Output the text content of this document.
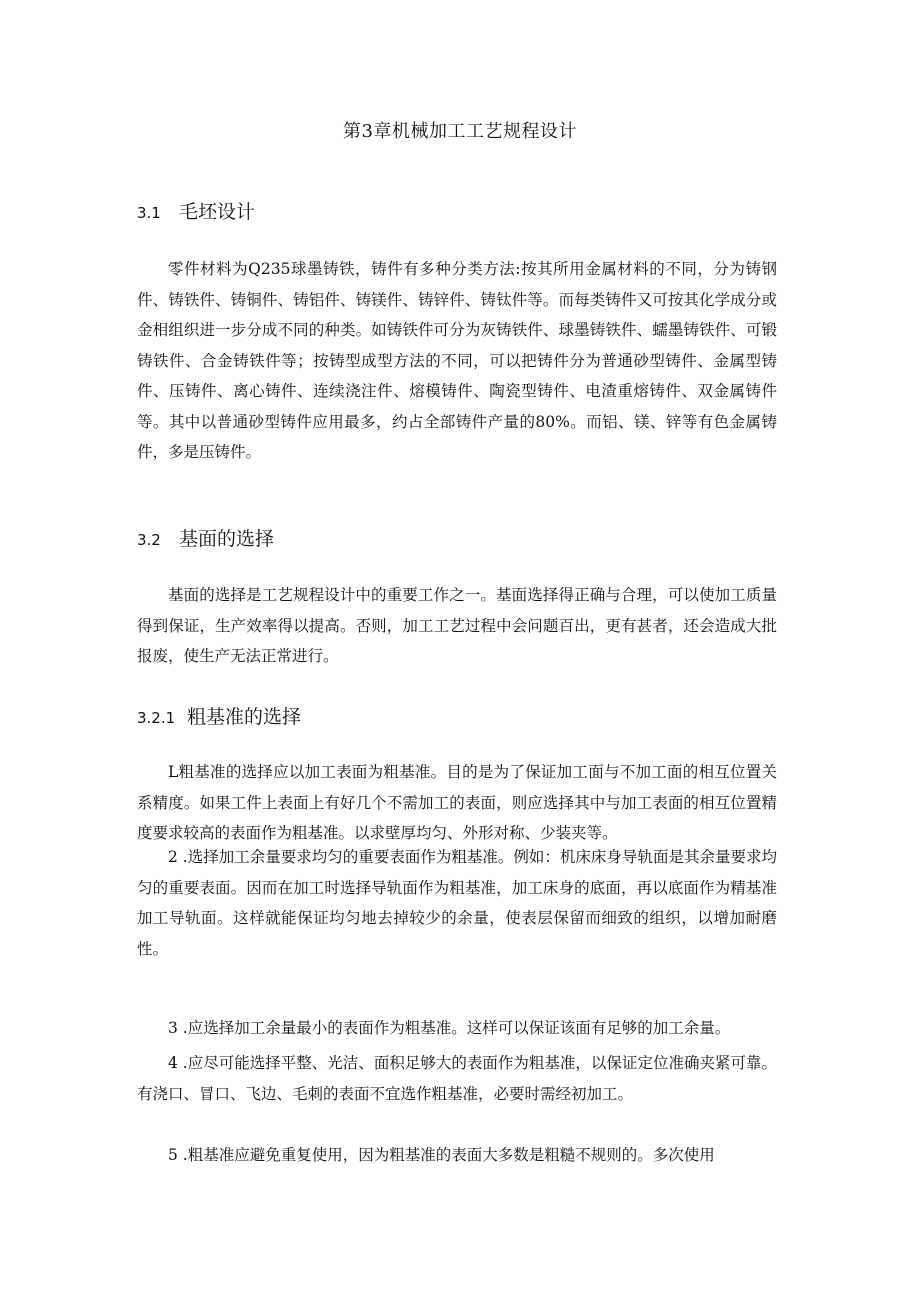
第3章机械加工工艺规程设计
3.1 毛坯设计

零件材料为Q235球墨铸铁，铸件有多种分类方法:按其所用金属材料的不同，分为铸钢件、铸铁件、铸铜件、铸铝件、铸镁件、铸锌件、铸钛件等。而每类铸件又可按其化学成分或金相组织进一步分成不同的种类。如铸铁件可分为灰铸铁件、球墨铸铁件、蠕墨铸铁件、可锻铸铁件、合金铸铁件等；按铸型成型方法的不同，可以把铸件分为普通砂型铸件、金属型铸件、压铸件、离心铸件、连续浇注件、熔模铸件、陶瓷型铸件、电渣重熔铸件、双金属铸件等。其中以普通砂型铸件应用最多，约占全部铸件产量的80%。而铝、镁、锌等有色金属铸件，多是压铸件。

3.2 基面的选择

基面的选择是工艺规程设计中的重要工作之一。基面选择得正确与合理，可以使加工质量得到保证，生产效率得以提高。否则，加工工艺过程中会问题百出，更有甚者，还会造成大批报废，使生产无法正常进行。

3.2.1 粗基准的选择

L粗基准的选择应以加工表面为粗基准。目的是为了保证加工面与不加工面的相互位置关系精度。如果工件上表面上有好几个不需加工的表面，则应选择其中与加工表面的相互位置精度要求较高的表面作为粗基准。以求壁厚均匀、外形对称、少装夹等。

2 .选择加工余量要求均匀的重要表面作为粗基准。例如：机床床身导轨面是其余量要求均匀的重要表面。因而在加工时选择导轨面作为粗基准，加工床身的底面，再以底面作为精基准加工导轨面。这样就能保证均匀地去掉较少的余量，使表层保留而细致的组织，以增加耐磨性。

3 .应选择加工余量最小的表面作为粗基准。这样可以保证该面有足够的加工余量。

4 .应尽可能选择平整、光洁、面积足够大的表面作为粗基准，以保证定位准确夹紧可靠。有浇口、冒口、飞边、毛刺的表面不宜选作粗基准，必要时需经初加工。

5 .粗基准应避免重复使用，因为粗基准的表面大多数是粗糙不规则的。多次使用
